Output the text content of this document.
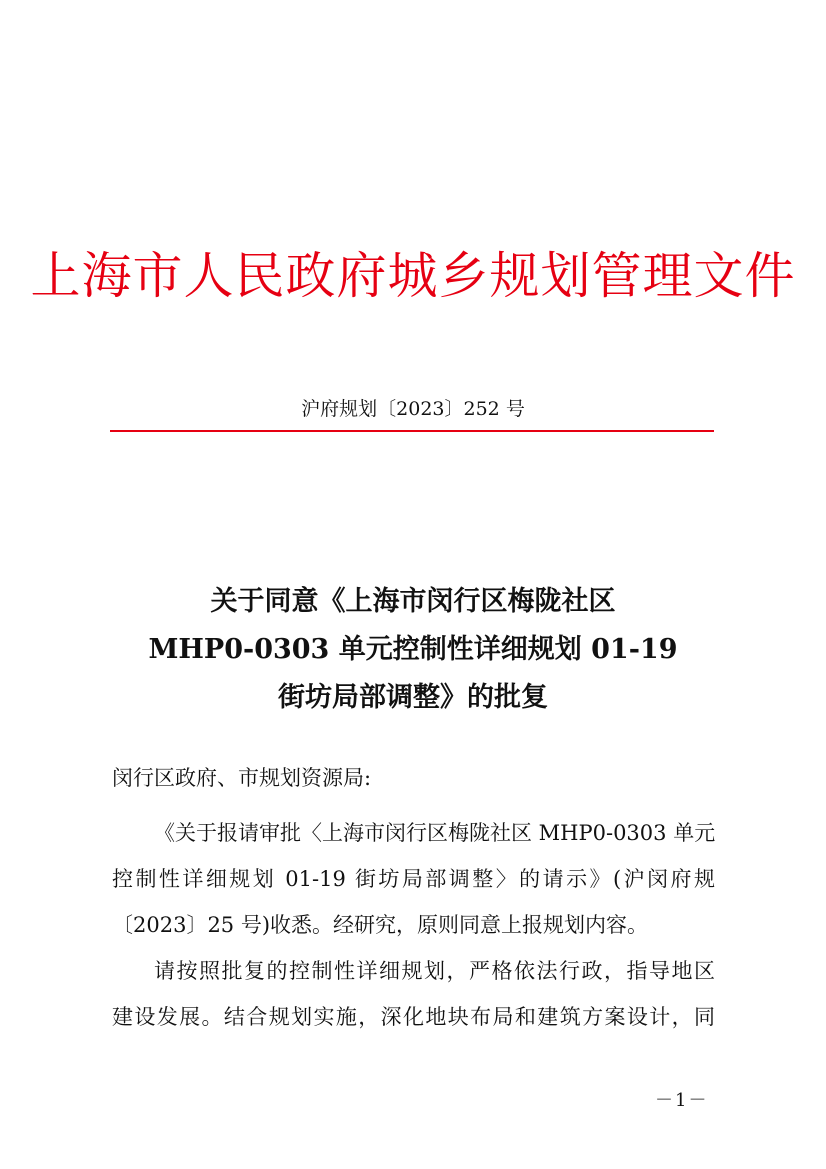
上海市人民政府城乡规划管理文件
沪府规划〔2023〕252 号
关于同意《上海市闵行区梅陇社区
MHP0-0303 单元控制性详细规划 01-19
街坊局部调整》的批复
闵行区政府、市规划资源局:
《关于报请审批〈上海市闵行区梅陇社区 MHP0-0303 单元
控制性详细规划 01-19 街坊局部调整〉的请示》(沪闵府规
〔2023〕25 号)收悉。经研究，原则同意上报规划内容。
请按照批复的控制性详细规划，严格依法行政，指导地区
建设发展。结合规划实施，深化地块布局和建筑方案设计，同
－1－
